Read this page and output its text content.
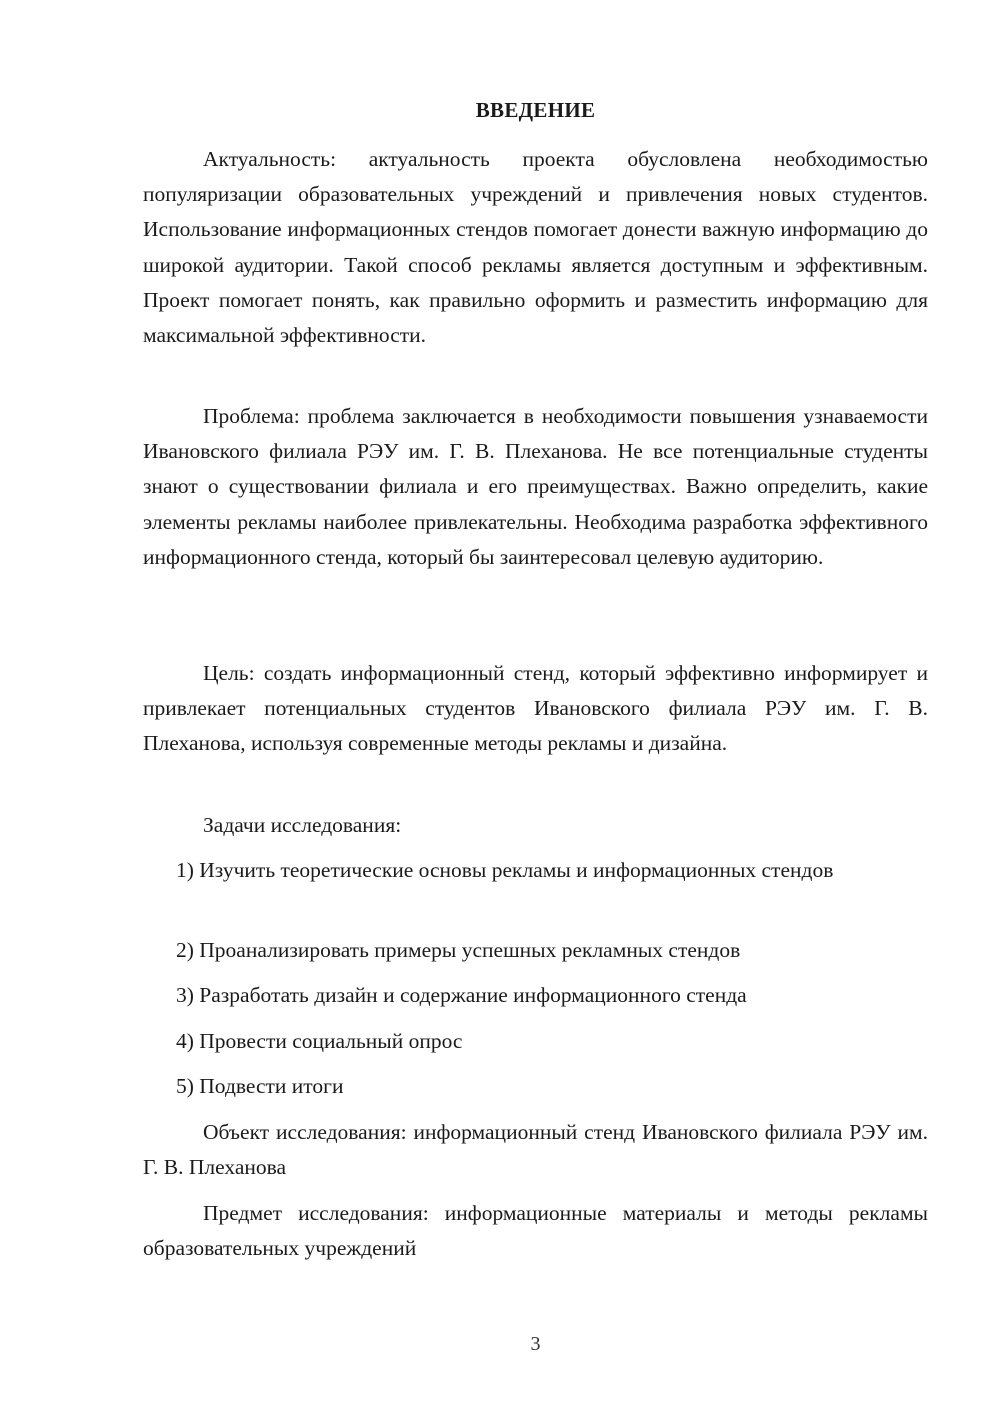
ВВЕДЕНИЕ

Актуальность: актуальность проекта обусловлена необходимостью популяризации образовательных учреждений и привлечения новых студентов. Использование информационных стендов помогает донести важную информацию до широкой аудитории. Такой способ рекламы является доступным и эффективным. Проект помогает понять, как правильно оформить и разместить информацию для максимальной эффективности.

Проблема: проблема заключается в необходимости повышения узнаваемости Ивановского филиала РЭУ им. Г. В. Плеханова. Не все потенциальные студенты знают о существовании филиала и его преимуществах. Важно определить, какие элементы рекламы наиболее привлекательны. Необходима разработка эффективного информационного стенда, который бы заинтересовал целевую аудиторию.

Цель: создать информационный стенд, который эффективно информирует и привлекает потенциальных студентов Ивановского филиала РЭУ им. Г. В. Плеханова, используя современные методы рекламы и дизайна.

Задачи исследования:

1) Изучить теоретические основы рекламы и информационных стендов

2) Проанализировать примеры успешных рекламных стендов

3) Разработать дизайн и содержание информационного стенда

4) Провести социальный опрос

5) Подвести итоги

Объект исследования: информационный стенд Ивановского филиала РЭУ им. Г. В. Плеханова

Предмет исследования: информационные материалы и методы рекламы образовательных учреждений

3
